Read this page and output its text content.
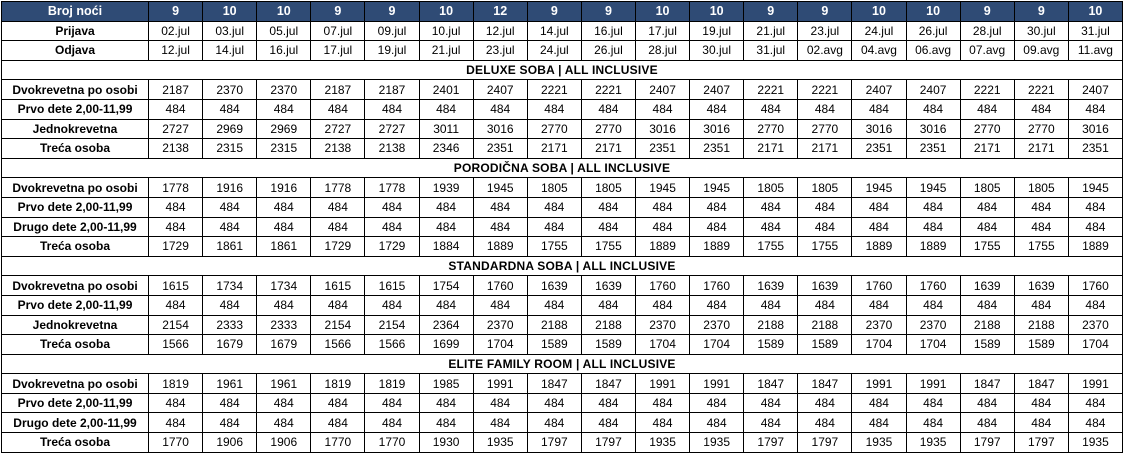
Broj noći	9	10	10	9	9	10	12	9	9	10	10	9	9	10	10	9	9	10
Prijava	02.jul	03.jul	05.jul	07.jul	09.jul	10.jul	12.jul	14.jul	16.jul	17.jul	19.jul	21.jul	23.jul	24.jul	26.jul	28.jul	30.jul	31.jul
Odjava	12.jul	14.jul	16.jul	17.jul	19.jul	21.jul	23.jul	24.jul	26.jul	28.jul	30.jul	31.jul	02.avg	04.avg	06.avg	07.avg	09.avg	11.avg
DELUXE SOBA | ALL INCLUSIVE																		
Dvokrevetna po osobi	2187	2370	2370	2187	2187	2401	2407	2221	2221	2407	2407	2221	2221	2407	2407	2221	2221	2407
Prvo dete 2,00-11,99	484	484	484	484	484	484	484	484	484	484	484	484	484	484	484	484	484	484
Jednokrevetna	2727	2969	2969	2727	2727	3011	3016	2770	2770	3016	3016	2770	2770	3016	3016	2770	2770	3016
Treća osoba	2138	2315	2315	2138	2138	2346	2351	2171	2171	2351	2351	2171	2171	2351	2351	2171	2171	2351
PORODIČNA SOBA | ALL INCLUSIVE																		
Dvokrevetna po osobi	1778	1916	1916	1778	1778	1939	1945	1805	1805	1945	1945	1805	1805	1945	1945	1805	1805	1945
Prvo dete 2,00-11,99	484	484	484	484	484	484	484	484	484	484	484	484	484	484	484	484	484	484
Drugo dete 2,00-11,99	484	484	484	484	484	484	484	484	484	484	484	484	484	484	484	484	484	484
Treća osoba	1729	1861	1861	1729	1729	1884	1889	1755	1755	1889	1889	1755	1755	1889	1889	1755	1755	1889
STANDARDNA SOBA | ALL INCLUSIVE																		
Dvokrevetna po osobi	1615	1734	1734	1615	1615	1754	1760	1639	1639	1760	1760	1639	1639	1760	1760	1639	1639	1760
Prvo dete 2,00-11,99	484	484	484	484	484	484	484	484	484	484	484	484	484	484	484	484	484	484
Jednokrevetna	2154	2333	2333	2154	2154	2364	2370	2188	2188	2370	2370	2188	2188	2370	2370	2188	2188	2370
Treća osoba	1566	1679	1679	1566	1566	1699	1704	1589	1589	1704	1704	1589	1589	1704	1704	1589	1589	1704
ELITE FAMILY ROOM | ALL INCLUSIVE																		
Dvokrevetna po osobi	1819	1961	1961	1819	1819	1985	1991	1847	1847	1991	1991	1847	1847	1991	1991	1847	1847	1991
Prvo dete 2,00-11,99	484	484	484	484	484	484	484	484	484	484	484	484	484	484	484	484	484	484
Drugo dete 2,00-11,99	484	484	484	484	484	484	484	484	484	484	484	484	484	484	484	484	484	484
Treća osoba	1770	1906	1906	1770	1770	1930	1935	1797	1797	1935	1935	1797	1797	1935	1935	1797	1797	1935
